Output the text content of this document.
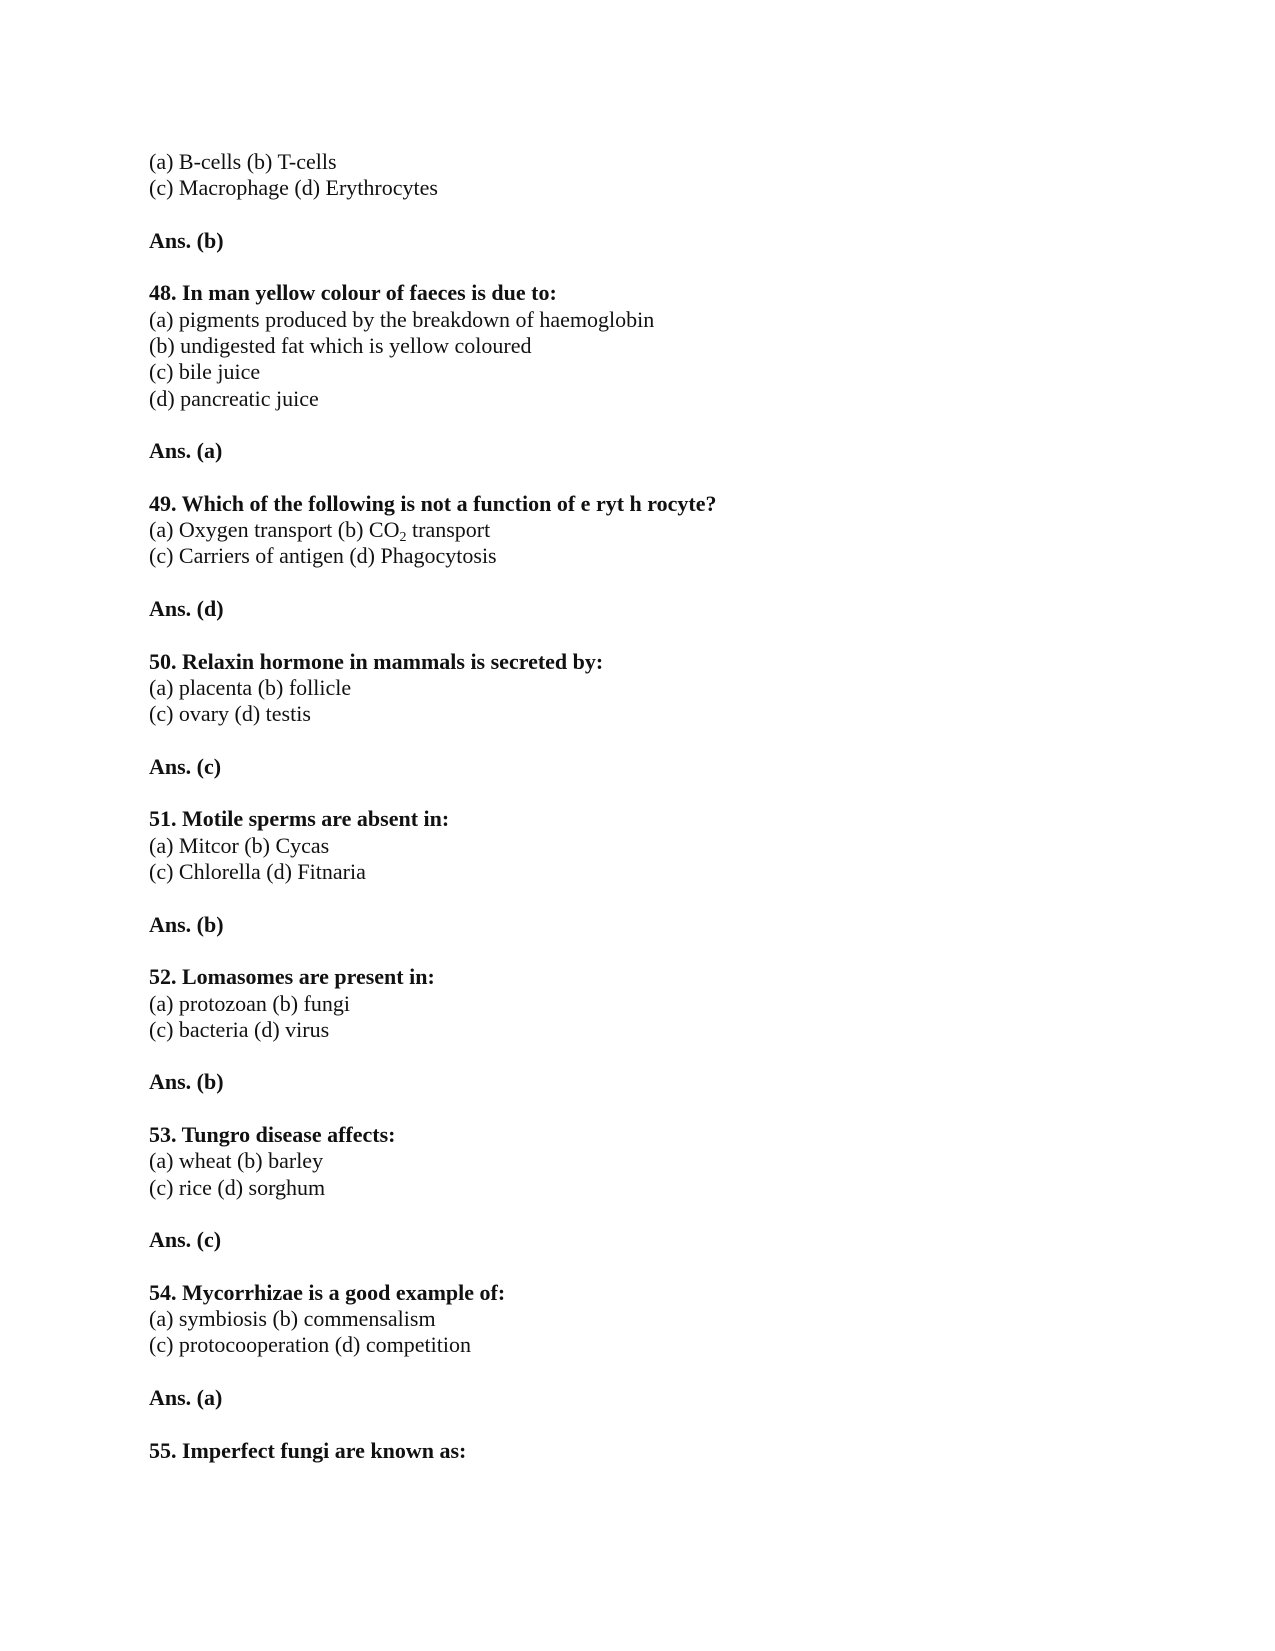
(a) B-cells (b) T-cells
(c) Macrophage (d) Erythrocytes
Ans. (b)
48. In man yellow colour of faeces is due to:
(a) pigments produced by the breakdown of haemoglobin
(b) undigested fat which is yellow coloured
(c) bile juice
(d) pancreatic juice
Ans. (a)
49. Which of the following is not a function of e ryt h rocyte?
(a) Oxygen transport (b) $CO_2$ transport
(c) Carriers of antigen (d) Phagocytosis
Ans. (d)
50. Relaxin hormone in mammals is secreted by:
(a) placenta (b) follicle
(c) ovary (d) testis
Ans. (c)
51. Motile sperms are absent in:
(a) Mitcor (b) Cycas
(c) Chlorella (d) Fitnaria
Ans. (b)
52. Lomasomes are present in:
(a) protozoan (b) fungi
(c) bacteria (d) virus
Ans. (b)
53. Tungro disease affects:
(a) wheat (b) barley
(c) rice (d) sorghum
Ans. (c)
54. Mycorrhizae is a good example of:
(a) symbiosis (b) commensalism
(c) protocooperation (d) competition
Ans. (a)
55. Imperfect fungi are known as:
